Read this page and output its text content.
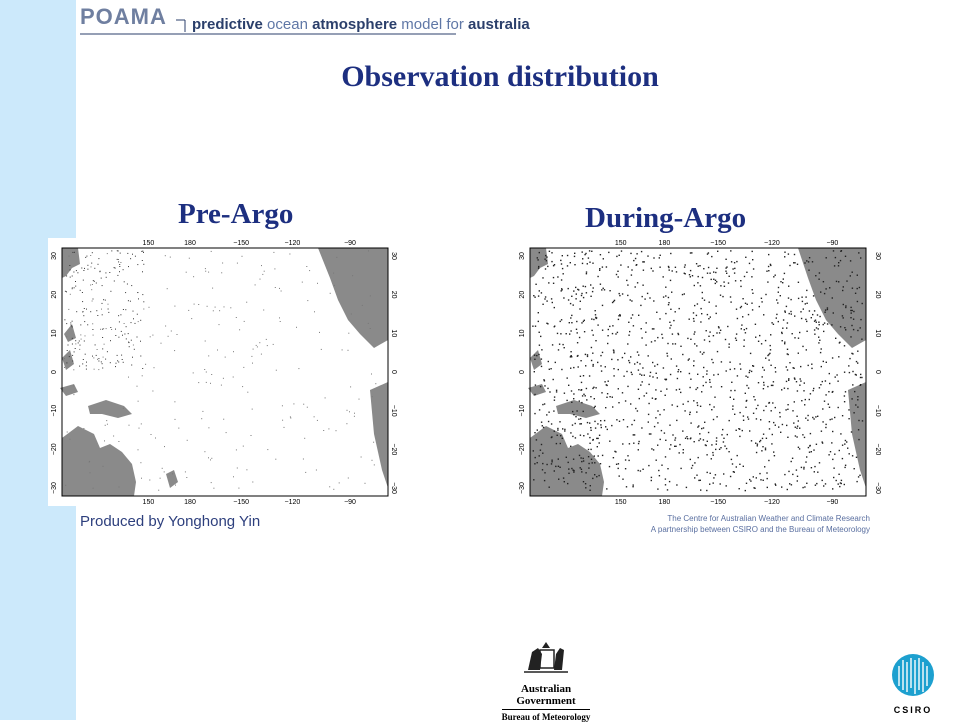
POAMA predictive ocean atmosphere model for australia
Observation distribution
Pre-Argo	During-Argo
150	180	−150	−120	−90
150	180	−150	−120	−90
30
20
10
0
−10
−20
−30
30
20
10
0
−10
−20
−30
150	180	−150	−120	−90
150	180	−150	−120	−90
30
20
10
0
−10
−20
−30
30
20
10
0
−10
−20
−30
Produced by Yonghong Yin	The Centre for Australian Weather and Climate Research
A partnership between CSIRO and the Bureau of Meteorology
Australian Government
Bureau of Meteorology
CSIRO
